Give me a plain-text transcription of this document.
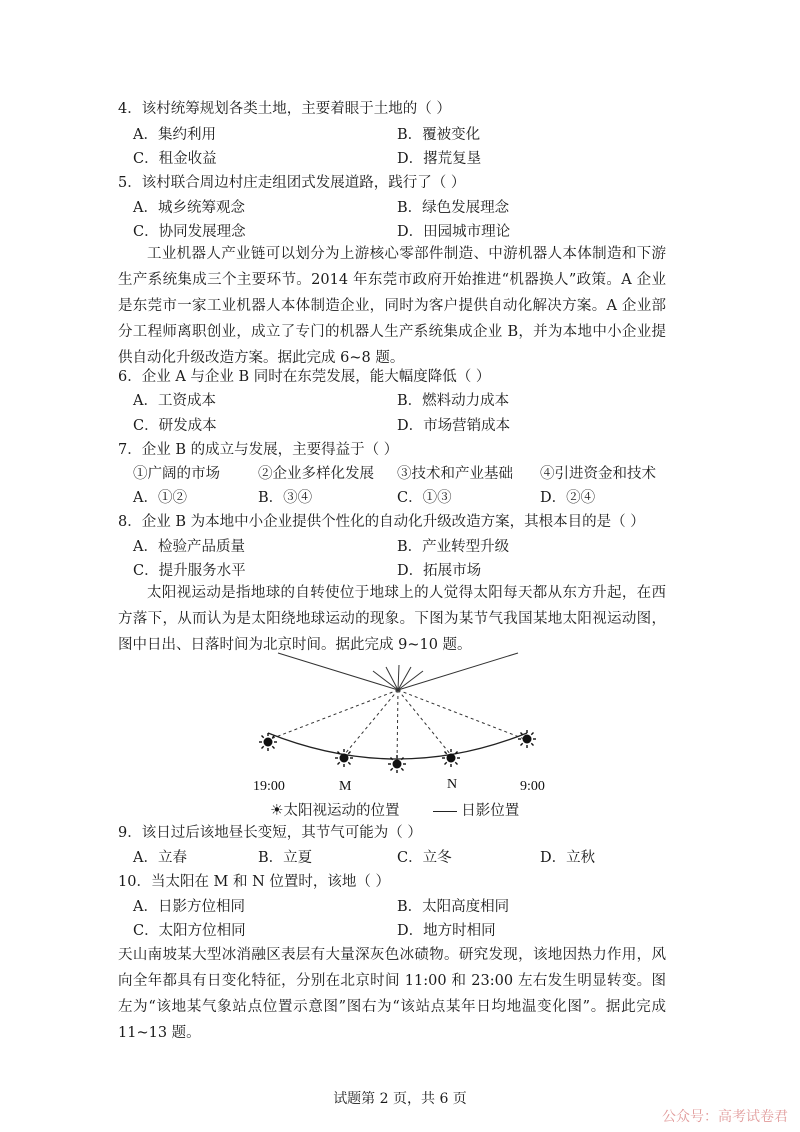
4．该村统筹规划各类土地，主要着眼于土地的（ ）
A．集约利用	B．覆被变化
C．租金收益	D．撂荒复垦
5．该村联合周边村庄走组团式发展道路，践行了（ ）
A．城乡统筹观念	B．绿色发展理念
C．协同发展理念	D．田园城市理论
工业机器人产业链可以划分为上游核心零部件制造、中游机器人本体制造和下游生产系统集成三个主要环节。2014 年东莞市政府开始推进“机器换人”政策。A 企业是东莞市一家工业机器人本体制造企业，同时为客户提供自动化解决方案。A 企业部分工程师离职创业，成立了专门的机器人生产系统集成企业 B，并为本地中小企业提供自动化升级改造方案。据此完成 6~8 题。
6．企业 A 与企业 B 同时在东莞发展，能大幅度降低（ ）
A．工资成本	B．燃料动力成本
C．研发成本	D．市场营销成本
7．企业 B 的成立与发展，主要得益于（ ）
①广阔的市场	②企业多样化发展 ③技术和产业基础 ④引进资金和技术
A．①②	B．③④	C．①③	D．②④
8．企业 B 为本地中小企业提供个性化的自动化升级改造方案，其根本目的是（ ）
A．检验产品质量	B．产业转型升级
C．提升服务水平	D．拓展市场
太阳视运动是指地球的自转使位于地球上的人觉得太阳每天都从东方升起，在西方落下，从而认为是太阳绕地球运动的现象。下图为某节气我国某地太阳视运动图，图中日出、日落时间为北京时间。据此完成 9~10 题。
19:00	M	N	9:00
☀太阳视运动的位置	日影位置
9．该日过后该地昼长变短，其节气可能为（ ）
A．立春	B．立夏	C．立冬	D．立秋
10．当太阳在 M 和 N 位置时，该地（ ）
A．日影方位相同	B．太阳高度相同
C．太阳方位相同	D．地方时相同
天山南坡某大型冰消融区表层有大量深灰色冰碛物。研究发现，该地因热力作用，风向全年都具有日变化特征，分别在北京时间 11:00 和 23:00 左右发生明显转变。图左为“该地某气象站点位置示意图”图右为“该站点某年日均地温变化图”。据此完成 11~13 题。
试题第 2 页，共 6 页
公众号：高考试卷君
